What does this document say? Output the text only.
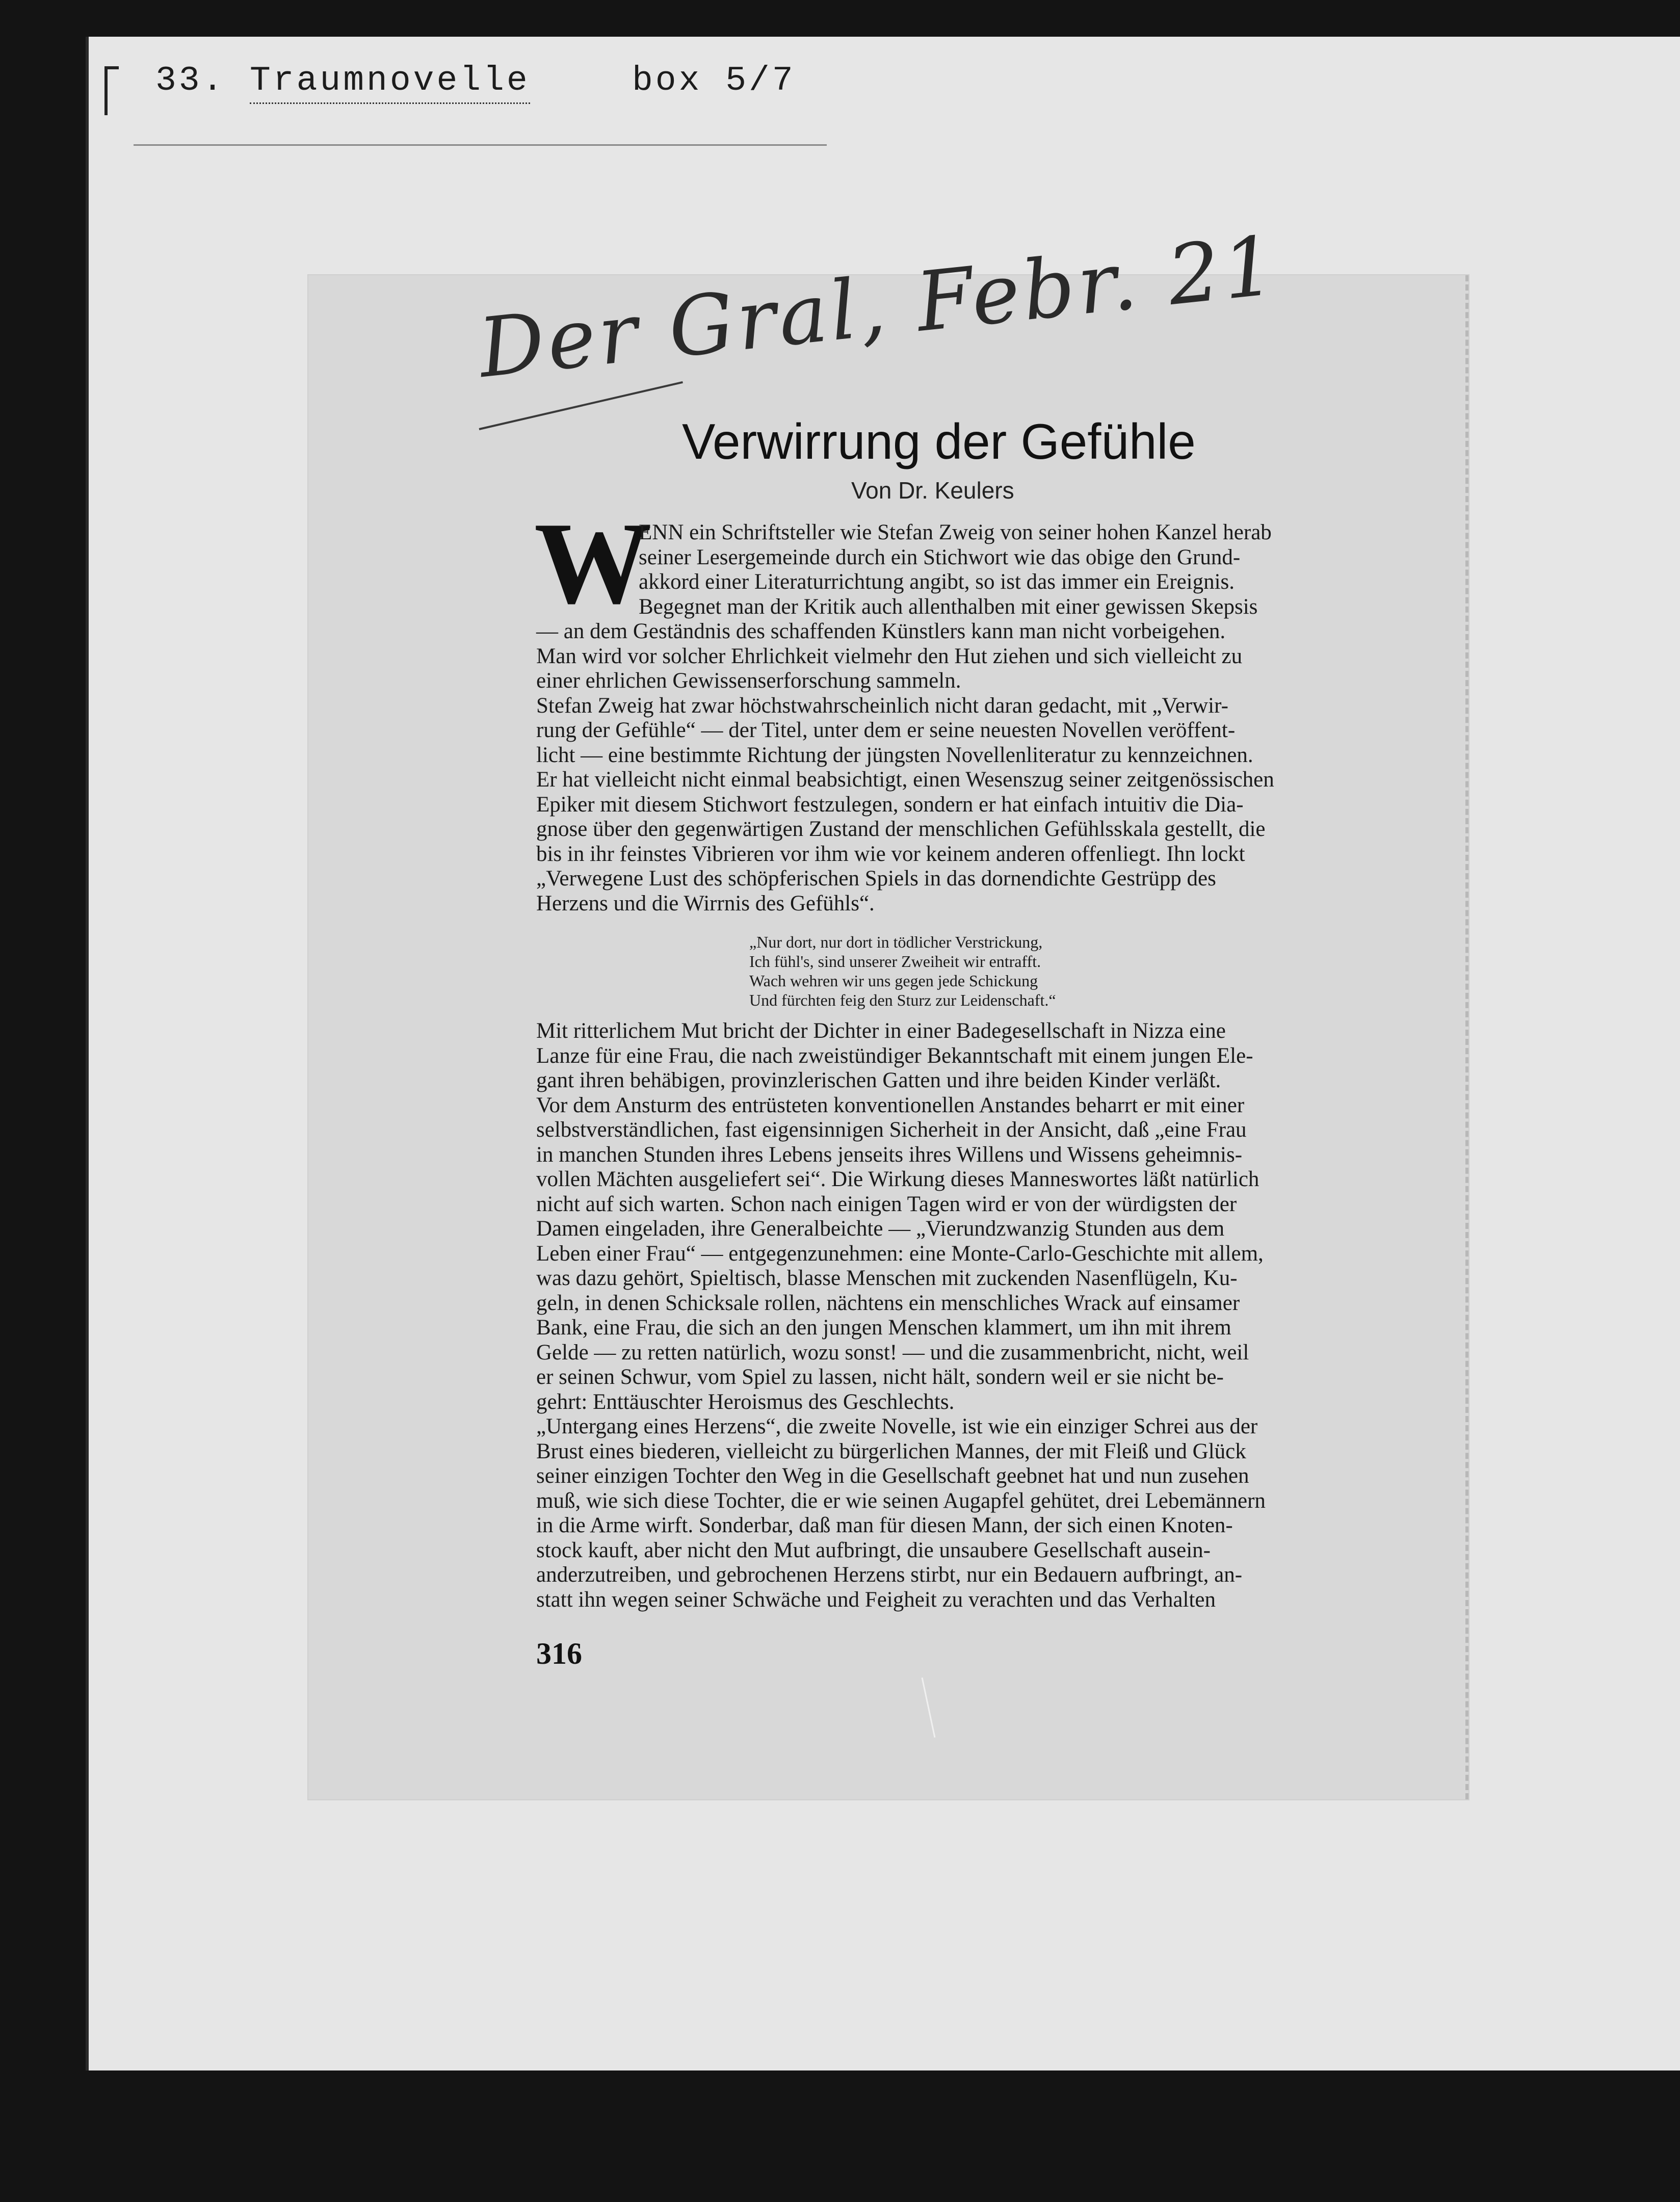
33. Traumnovelle	box 5/7
Der Gral, Febr. 21
Verwirrung der Gefühle
Von Dr. Keulers
W
ENN ein Schriftsteller wie Stefan Zweig von seiner hohen Kanzel herab
seiner Lesergemeinde durch ein Stichwort wie das obige den Grund-
akkord einer Literaturrichtung angibt, so ist das immer ein Ereignis.
Begegnet man der Kritik auch allenthalben mit einer gewissen Skepsis
— an dem Geständnis des schaffenden Künstlers kann man nicht vorbeigehen.
Man wird vor solcher Ehrlichkeit vielmehr den Hut ziehen und sich vielleicht zu
einer ehrlichen Gewissenserforschung sammeln.
Stefan Zweig hat zwar höchstwahrscheinlich nicht daran gedacht, mit „Verwir-
rung der Gefühle“ — der Titel, unter dem er seine neuesten Novellen veröffent-
licht — eine bestimmte Richtung der jüngsten Novellenliteratur zu kennzeichnen.
Er hat vielleicht nicht einmal beabsichtigt, einen Wesenszug seiner zeitgenössischen
Epiker mit diesem Stichwort festzulegen, sondern er hat einfach intuitiv die Dia-
gnose über den gegenwärtigen Zustand der menschlichen Gefühlsskala gestellt, die
bis in ihr feinstes Vibrieren vor ihm wie vor keinem anderen offenliegt. Ihn lockt
„Verwegene Lust des schöpferischen Spiels in das dornendichte Gestrüpp des
Herzens und die Wirrnis des Gefühls“.
„Nur dort, nur dort in tödlicher Verstrickung,
Ich fühl's, sind unserer Zweiheit wir entrafft.
Wach wehren wir uns gegen jede Schickung
Und fürchten feig den Sturz zur Leidenschaft.“
Mit ritterlichem Mut bricht der Dichter in einer Badegesellschaft in Nizza eine
Lanze für eine Frau, die nach zweistündiger Bekanntschaft mit einem jungen Ele-
gant ihren behäbigen, provinzlerischen Gatten und ihre beiden Kinder verläßt.
Vor dem Ansturm des entrüsteten konventionellen Anstandes beharrt er mit einer
selbstverständlichen, fast eigensinnigen Sicherheit in der Ansicht, daß „eine Frau
in manchen Stunden ihres Lebens jenseits ihres Willens und Wissens geheimnis-
vollen Mächten ausgeliefert sei“. Die Wirkung dieses Manneswortes läßt natürlich
nicht auf sich warten. Schon nach einigen Tagen wird er von der würdigsten der
Damen eingeladen, ihre Generalbeichte — „Vierundzwanzig Stunden aus dem
Leben einer Frau“ — entgegenzunehmen: eine Monte-Carlo-Geschichte mit allem,
was dazu gehört, Spieltisch, blasse Menschen mit zuckenden Nasenflügeln, Ku-
geln, in denen Schicksale rollen, nächtens ein menschliches Wrack auf einsamer
Bank, eine Frau, die sich an den jungen Menschen klammert, um ihn mit ihrem
Gelde — zu retten natürlich, wozu sonst! — und die zusammenbricht, nicht, weil
er seinen Schwur, vom Spiel zu lassen, nicht hält, sondern weil er sie nicht be-
gehrt: Enttäuschter Heroismus des Geschlechts.
„Untergang eines Herzens“, die zweite Novelle, ist wie ein einziger Schrei aus der
Brust eines biederen, vielleicht zu bürgerlichen Mannes, der mit Fleiß und Glück
seiner einzigen Tochter den Weg in die Gesellschaft geebnet hat und nun zusehen
muß, wie sich diese Tochter, die er wie seinen Augapfel gehütet, drei Lebemännern
in die Arme wirft. Sonderbar, daß man für diesen Mann, der sich einen Knoten-
stock kauft, aber nicht den Mut aufbringt, die unsaubere Gesellschaft ausein-
anderzutreiben, und gebrochenen Herzens stirbt, nur ein Bedauern aufbringt, an-
statt ihn wegen seiner Schwäche und Feigheit zu verachten und das Verhalten
316
